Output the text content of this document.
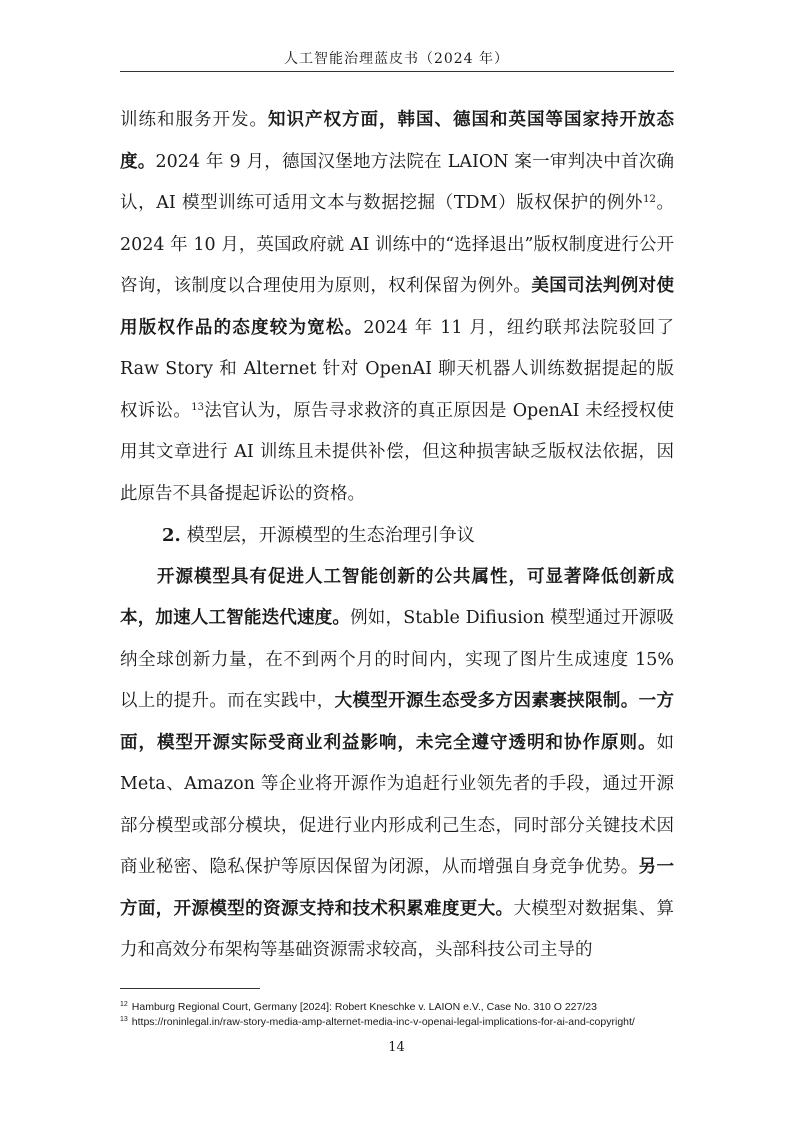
人工智能治理蓝皮书（2024 年）

训练和服务开发。知识产权方面，韩国、德国和英国等国家持开放态度。2024 年 9 月，德国汉堡地方法院在 LAION 案一审判决中首次确认，AI 模型训练可适用文本与数据挖掘（TDM）版权保护的例外$^{12}$。2024 年 10 月，英国政府就 AI 训练中的“选择退出”版权制度进行公开咨询，该制度以合理使用为原则，权利保留为例外。美国司法判例对使用版权作品的态度较为宽松。2024 年 11 月，纽约联邦法院驳回了 Raw Story 和 Alternet 针对 OpenAI 聊天机器人训练数据提起的版权诉讼。$^{13}$法官认为，原告寻求救济的真正原因是 OpenAI 未经授权使用其文章进行 AI 训练且未提供补偿，但这种损害缺乏版权法依据，因此原告不具备提起诉讼的资格。

2. 模型层，开源模型的生态治理引争议

开源模型具有促进人工智能创新的公共属性，可显著降低创新成本，加速人工智能迭代速度。例如，Stable Difiusion 模型通过开源吸纳全球创新力量，在不到两个月的时间内，实现了图片生成速度 15% 以上的提升。而在实践中，大模型开源生态受多方因素裹挟限制。一方面，模型开源实际受商业利益影响，未完全遵守透明和协作原则。如 Meta、Amazon 等企业将开源作为追赶行业领先者的手段，通过开源部分模型或部分模块，促进行业内形成利己生态，同时部分关键技术因商业秘密、隐私保护等原因保留为闭源，从而增强自身竞争优势。另一方面，开源模型的资源支持和技术积累难度更大。大模型对数据集、算力和高效分布架构等基础资源需求较高，头部科技公司主导的

$^{12}$ Hamburg Regional Court, Germany [2024]: Robert Kneschke v. LAION e.V., Case No. 310 O 227/23
$^{13}$ https://roninlegal.in/raw-story-media-amp-alternet-media-inc-v-openai-legal-implications-for-ai-and-copyright/
14
